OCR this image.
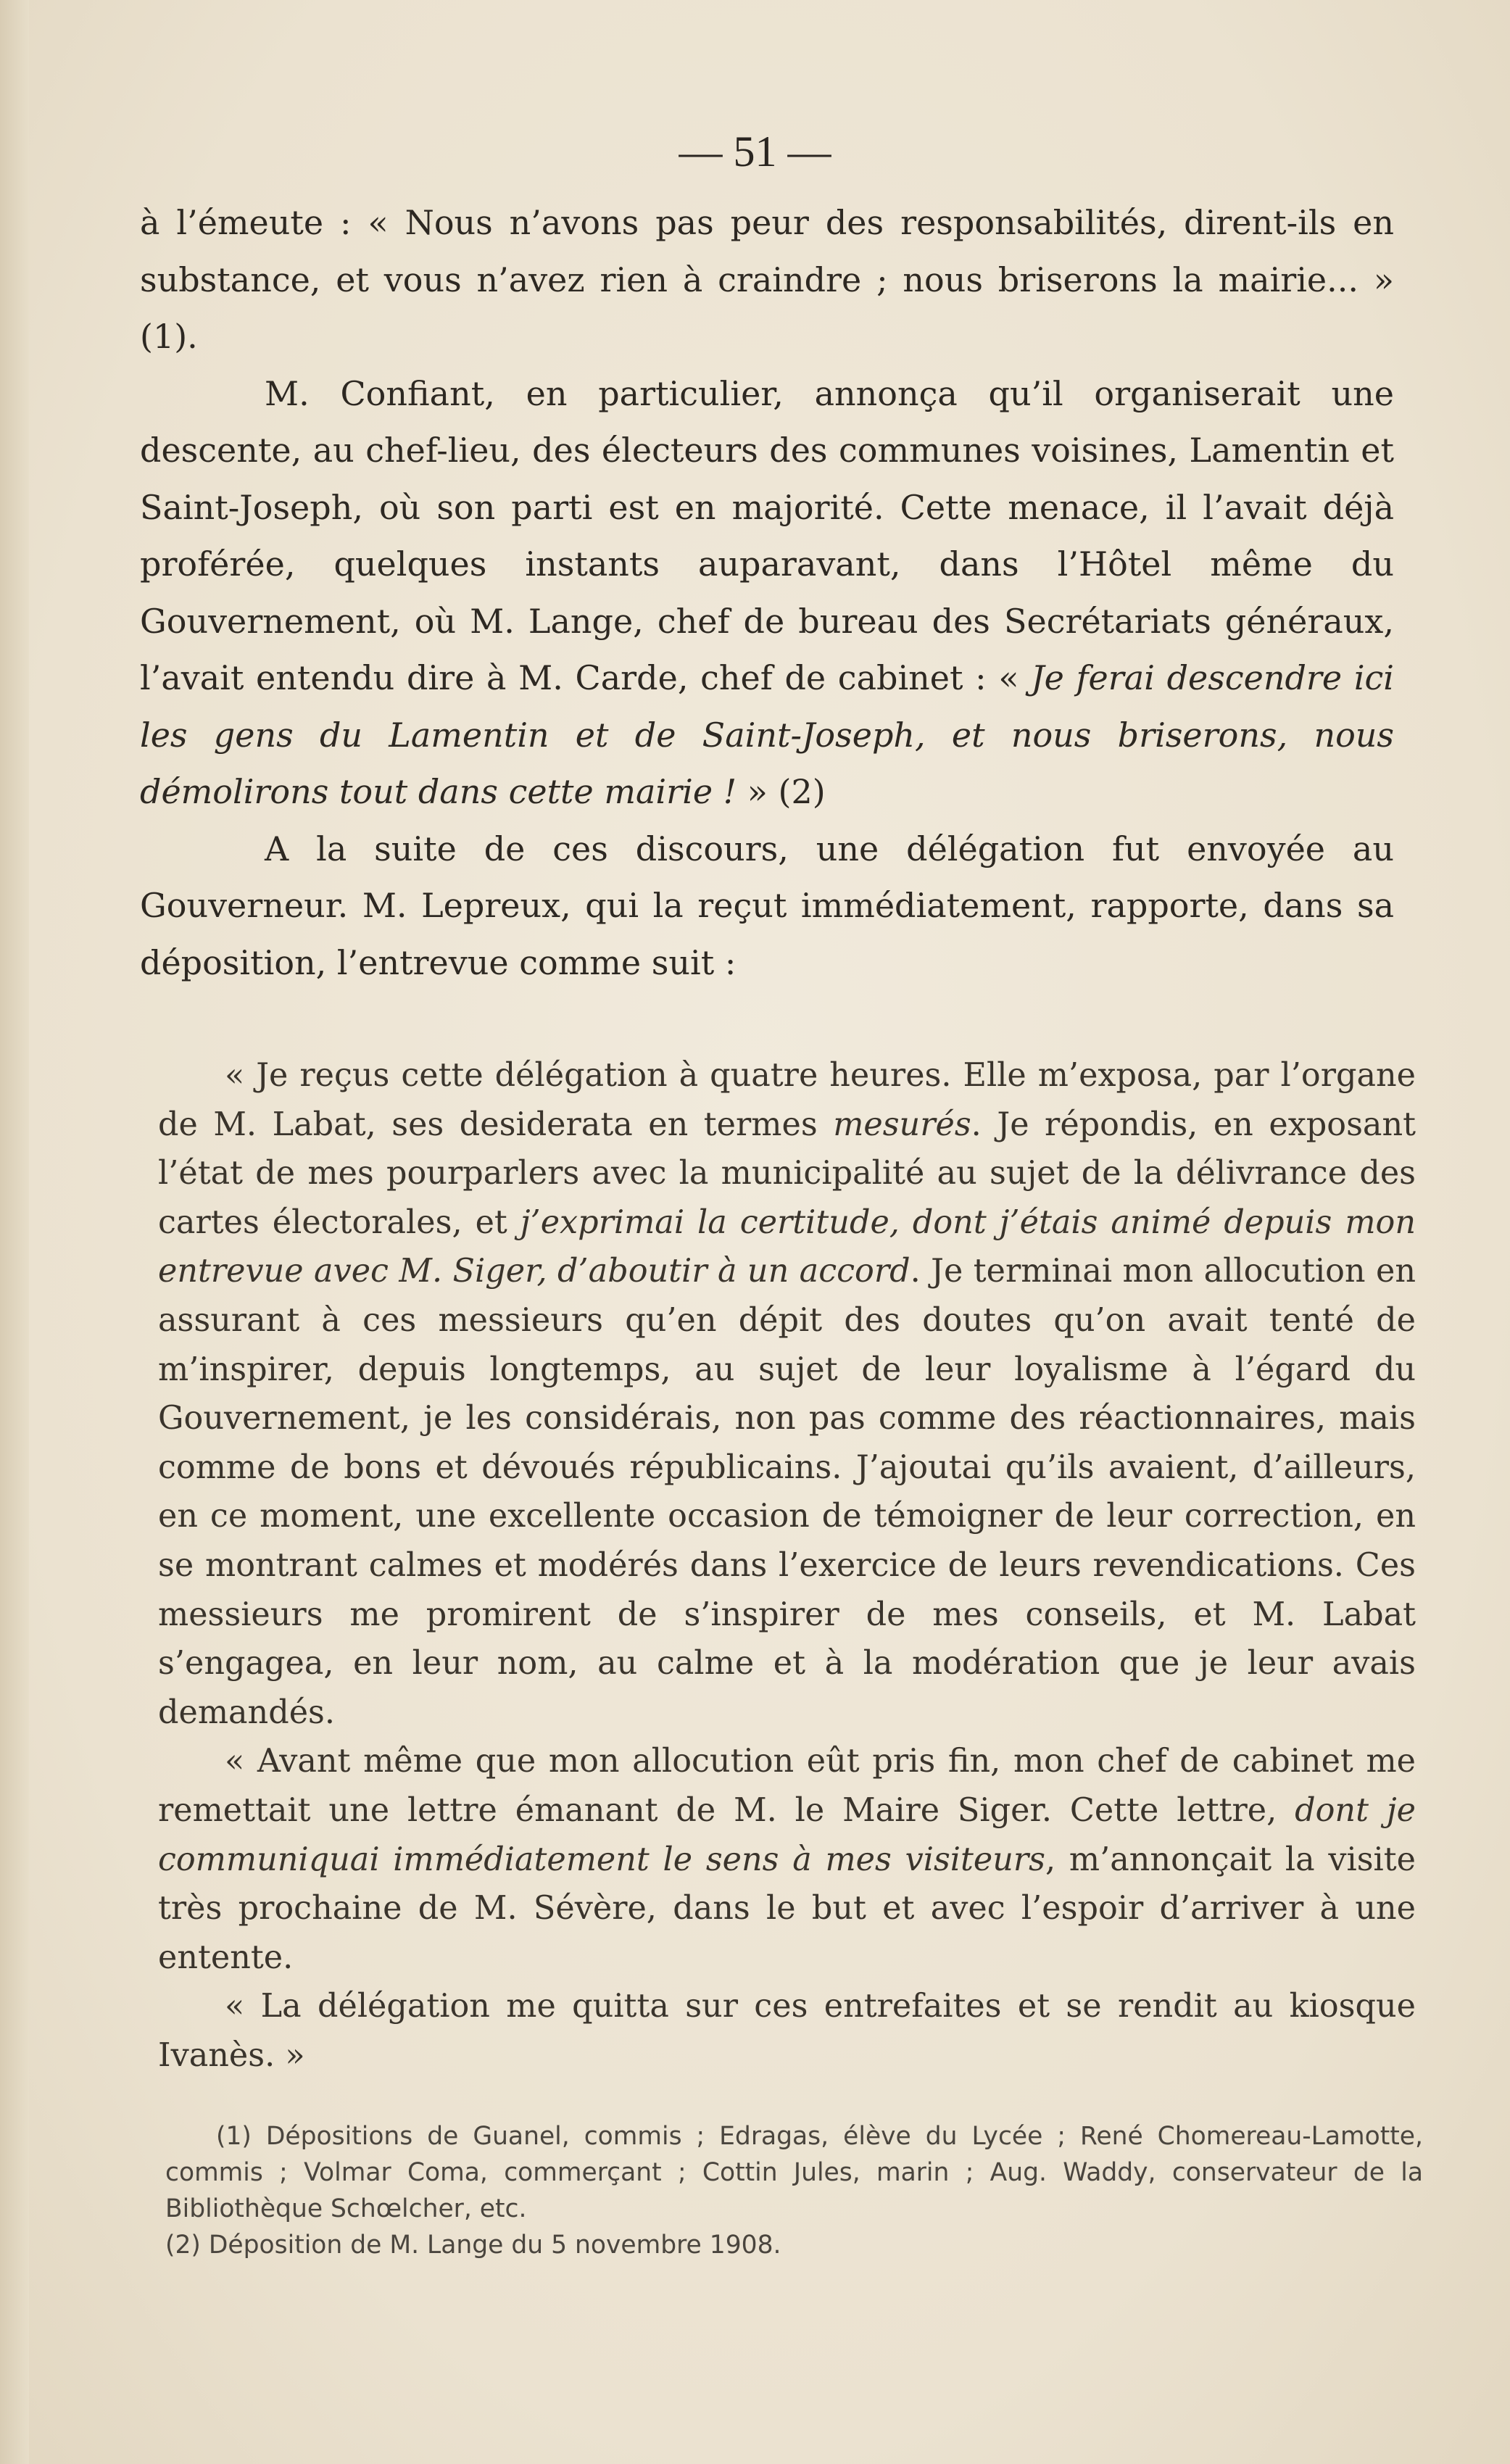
— 51 —

à l’émeute : « Nous n’avons pas peur des responsabilités, dirent-ils en substance, et vous n’avez rien à craindre ; nous briserons la mairie... » (1).

M. Confiant, en particulier, annonça qu’il organiserait une descente, au chef-lieu, des électeurs des communes voisines, Lamentin et Saint-Joseph, où son parti est en majorité. Cette menace, il l’avait déjà proférée, quelques instants auparavant, dans l’Hôtel même du Gouvernement, où M. Lange, chef de bureau des Secrétariats généraux, l’avait entendu dire à M. Carde, chef de cabinet : « Je ferai descendre ici les gens du Lamentin et de Saint-Joseph, et nous briserons, nous démolirons tout dans cette mairie ! » (2)

A la suite de ces discours, une délégation fut envoyée au Gouverneur. M. Lepreux, qui la reçut immédiatement, rapporte, dans sa déposition, l’entrevue comme suit :

« Je reçus cette délégation à quatre heures. Elle m’exposa, par l’organe de M. Labat, ses desiderata en termes mesurés. Je répondis, en exposant l’état de mes pourparlers avec la municipalité au sujet de la délivrance des cartes électorales, et j’exprimai la certitude, dont j’étais animé depuis mon entrevue avec M. Siger, d’aboutir à un accord. Je terminai mon allocution en assurant à ces messieurs qu’en dépit des doutes qu’on avait tenté de m’inspirer, depuis longtemps, au sujet de leur loyalisme à l’égard du Gouvernement, je les considérais, non pas comme des réactionnaires, mais comme de bons et dévoués républicains. J’ajoutai qu’ils avaient, d’ailleurs, en ce moment, une excellente occasion de témoigner de leur correction, en se montrant calmes et modérés dans l’exercice de leurs revendications. Ces messieurs me promirent de s’inspirer de mes conseils, et M. Labat s’engagea, en leur nom, au calme et à la modération que je leur avais demandés.

« Avant même que mon allocution eût pris fin, mon chef de cabinet me remettait une lettre émanant de M. le Maire Siger. Cette lettre, dont je communiquai immédiatement le sens à mes visiteurs, m’annonçait la visite très prochaine de M. Sévère, dans le but et avec l’espoir d’arriver à une entente.

« La délégation me quitta sur ces entrefaites et se rendit au kiosque Ivanès. »

(1) Dépositions de Guanel, commis ; Edragas, élève du Lycée ; René Chomereau-Lamotte, commis ; Volmar Coma, commerçant ; Cottin Jules, marin ; Aug. Waddy, conservateur de la Bibliothèque Schœlcher, etc.

(2) Déposition de M. Lange du 5 novembre 1908.
